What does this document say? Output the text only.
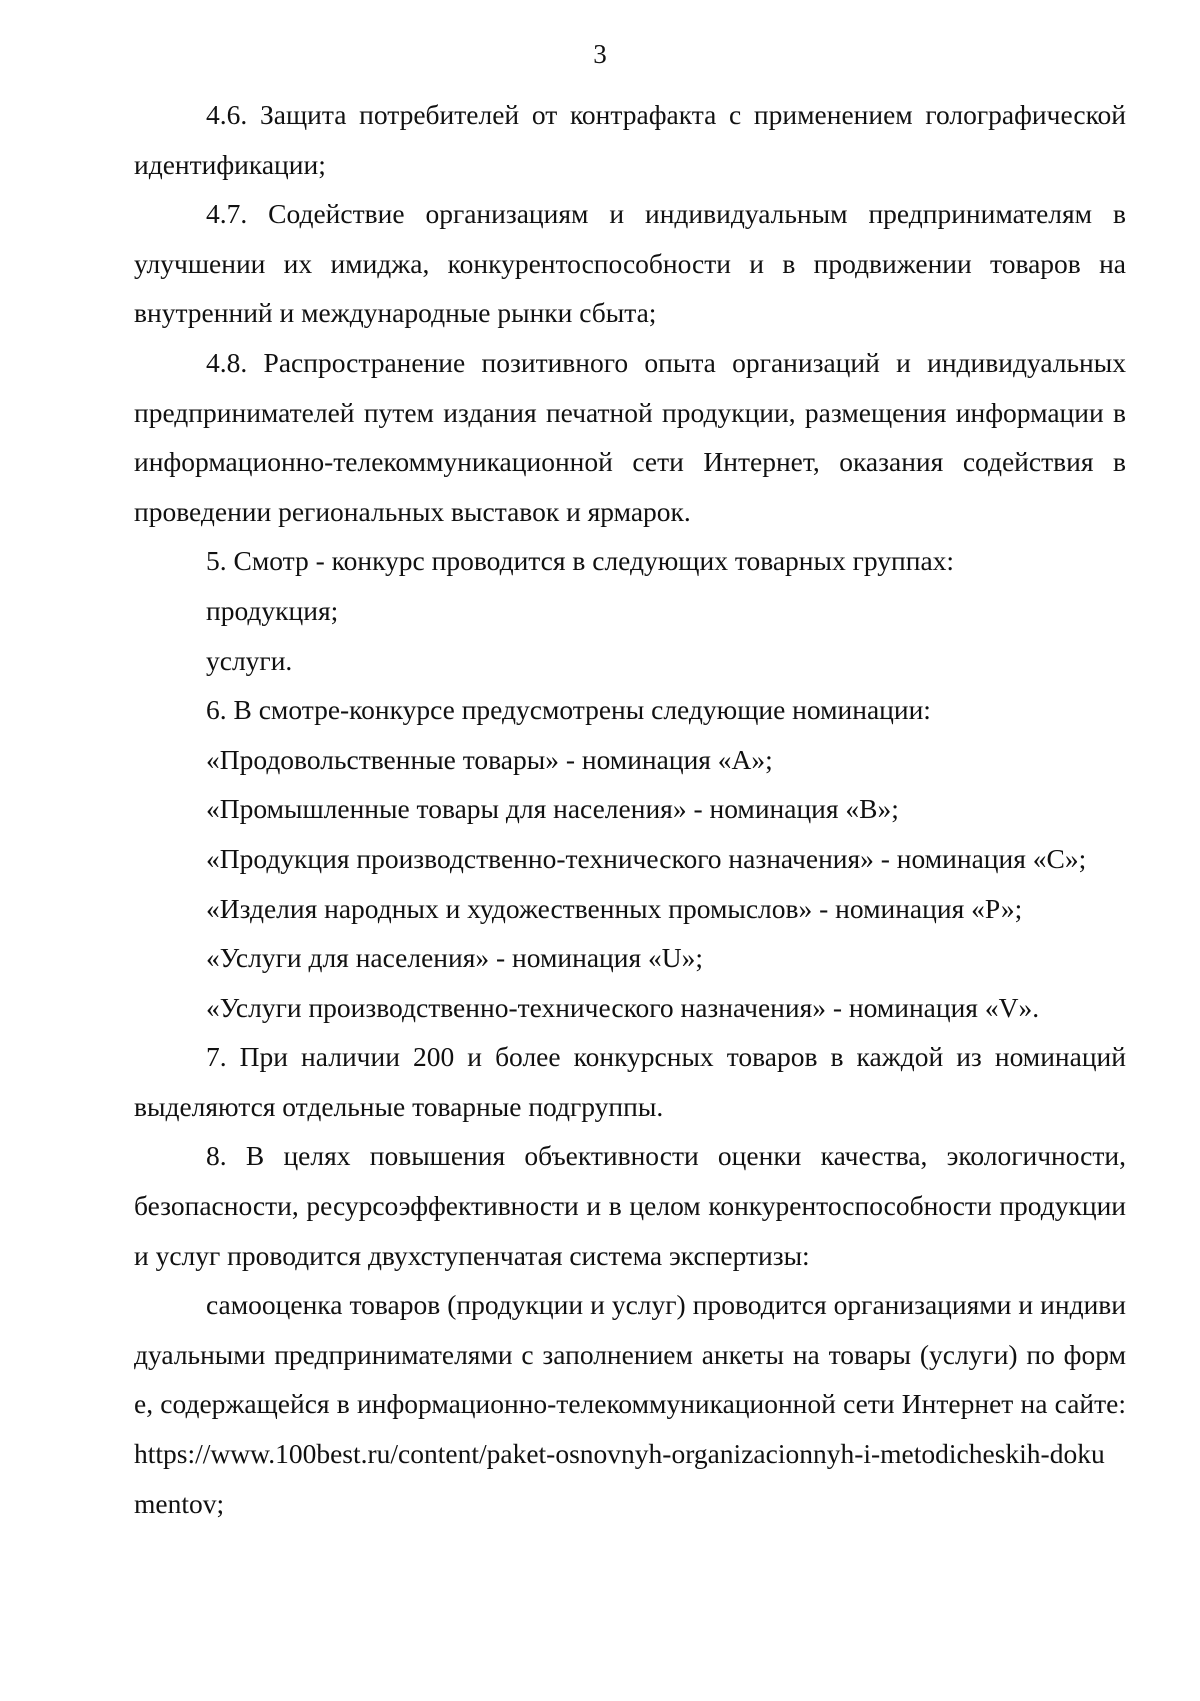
3

4.6. Защита потребителей от контрафакта с применением голографической идентификации;

4.7. Содействие организациям и индивидуальным предпринимателям в улучшении их имиджа, конкурентоспособности и в продвижении товаров на внутренний и международные рынки сбыта;

4.8. Распространение позитивного опыта организаций и индивидуальных предпринимателей путем издания печатной продукции, размещения информации в информационно-телекоммуникационной сети Интернет, оказания содействия в проведении региональных выставок и ярмарок.

5. Смотр - конкурс проводится в следующих товарных группах:

продукция;

услуги.

6. В смотре-конкурсе предусмотрены следующие номинации:

«Продовольственные товары» - номинация «А»;

«Промышленные товары для населения» - номинация «В»;

«Продукция производственно-технического назначения» - номинация «С»;

«Изделия народных и художественных промыслов» - номинация «Р»;

«Услуги для населения» - номинация «U»;

«Услуги производственно-технического назначения» - номинация «V».

7. При наличии 200 и более конкурсных товаров в каждой из номинаций выделяются отдельные товарные подгруппы.

8. В целях повышения объективности оценки качества, экологичности, безопасности, ресурсоэффективности и в целом конкурентоспособности продукции и услуг проводится двухступенчатая система экспертизы:

самооценка товаров (продукции и услуг) проводится организациями и индивидуальными предпринимателями с заполнением анкеты на товары (услуги) по форме, содержащейся в информационно-телекоммуникационной сети Интернет на сайте: https://www.100best.ru/content/paket-osnovnyh-organizacionnyh-i-metodicheskih-dokumentov;
